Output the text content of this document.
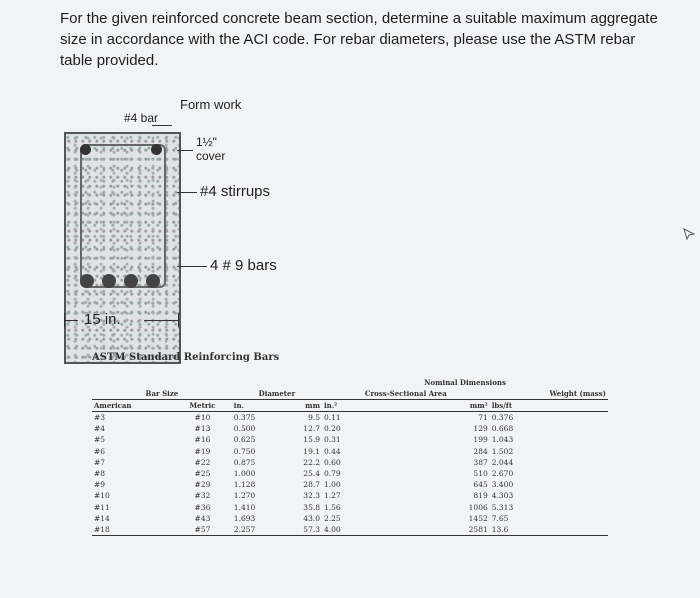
For the given reinforced concrete beam section, determine a suitable maximum aggregate size in accordance with the ACI code. For rebar diameters, please use the ASTM rebar table provided.
Form work
#4 bar
1½" cover
#4 stirrups
4 # 9 bars
15 in.
ASTM Standard Reinforcing Bars
				Nominal Dimensions		
Bar Size		Diameter		Cross-Sectional Area		Weight (mass)
American	Metric	in.	mm	in.²	mm²	lbs/ft
#3	#10	0.375	9.5	0.11	71	0.376
#4	#13	0.500	12.7	0.20	129	0.668
#5	#16	0.625	15.9	0.31	199	1.043
#6	#19	0.750	19.1	0.44	284	1.502
#7	#22	0.875	22.2	0.60	387	2.044
#8	#25	1.000	25.4	0.79	510	2.670
#9	#29	1.128	28.7	1.00	645	3.400
#10	#32	1.270	32.3	1.27	819	4.303
#11	#36	1.410	35.8	1.56	1006	5.313
#14	#43	1.693	43.0	2.25	1452	7.65
#18	#57	2.257	57.3	4.00	2581	13.6
